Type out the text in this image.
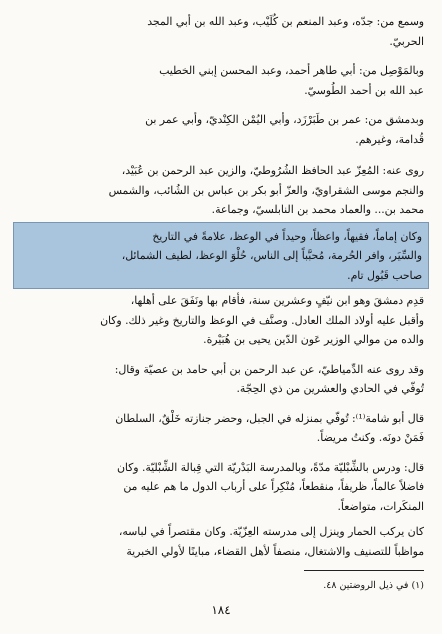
وسمع من: جدّه، وعبد المنعم بن كُلَيْب، وعبد الله بن أبي المجد
الحربيّ.

وبالمَوْصِل من: أبي طاهر أحمد، وعبد المحسن إبني الخطيب
عبد الله بن أحمد الطُوسيّ.

وبدمشق من: عمر بن طَبَرْزَد، وأبي اليُمْن الكِنْديّ، وأبي عمر بن
قُدامة، وغيرهم.

روى عنه: المُعِزّ عبد الحافظ الشُرُوطيّ، والزين عبد الرحمن بن عُبَيْد،
والنجم موسى الشقراويّ، والعزّ أبو بكر بن عباس بن الشُائب، والشمس
محمد بن... والعماد محمد بن النابلسيّ، وجماعة.

وكان إماماً، فقيهاً، واعظاً، وحيداً في الوعظ، علامةً في التاريخ
والسِّيَر، وافر الحُرمة، مُحبَّباً إلى الناس، حُلْوَ الوعظ، لطيف الشمائل،
صاحب قَبُول تام.

قدِم دمشقَ وهو ابن نيّفٍ وعشرين سنة، فأقام بها ونَفَقَ على أهلها،
وأقبل عليه أولاد الملك العادل. وصنَّف في الوعظ والتاريخ وغير ذلك. وكان
والده من موالي الوزير عَون الدّين يحيى بن هُبَيْرة.

وقد روى عنه الدِّمياطيّ، عن عبد الرحمن بن أبي حامد بن عصيّة وقال:
تُوفّي في الحادي والعشرين من ذي الحِجّة.

قال أبو شامة⁽¹⁾: تُوفّي بمنزله في الجبل، وحضر جنازته خَلْقٌ، السلطان
فَمَنْ دونَه. وكنتُ مريضاً.

قال: ودرس بالشِّبْليّة مدّةً، وبالمدرسة البَدْريّة التي قِبالة الشِّبْليّة. وكان
فاضلاً عالماً، ظريفاً، منقطعاً، مُنْكِراً على أرباب الدول ما هم عليه من
المنكَرات، متواضعاً.

كان يركب الحمار وينزل إلى مدرسته العِزّيّة. وكان مقتصراً في لباسه،
مواظباً للتصنيف والاشتغال، منصفاً لأهل القضاء، مباينًا لأولي الخبرية

(١) في ذيل الروضتين ٤٨.
١٨٤
